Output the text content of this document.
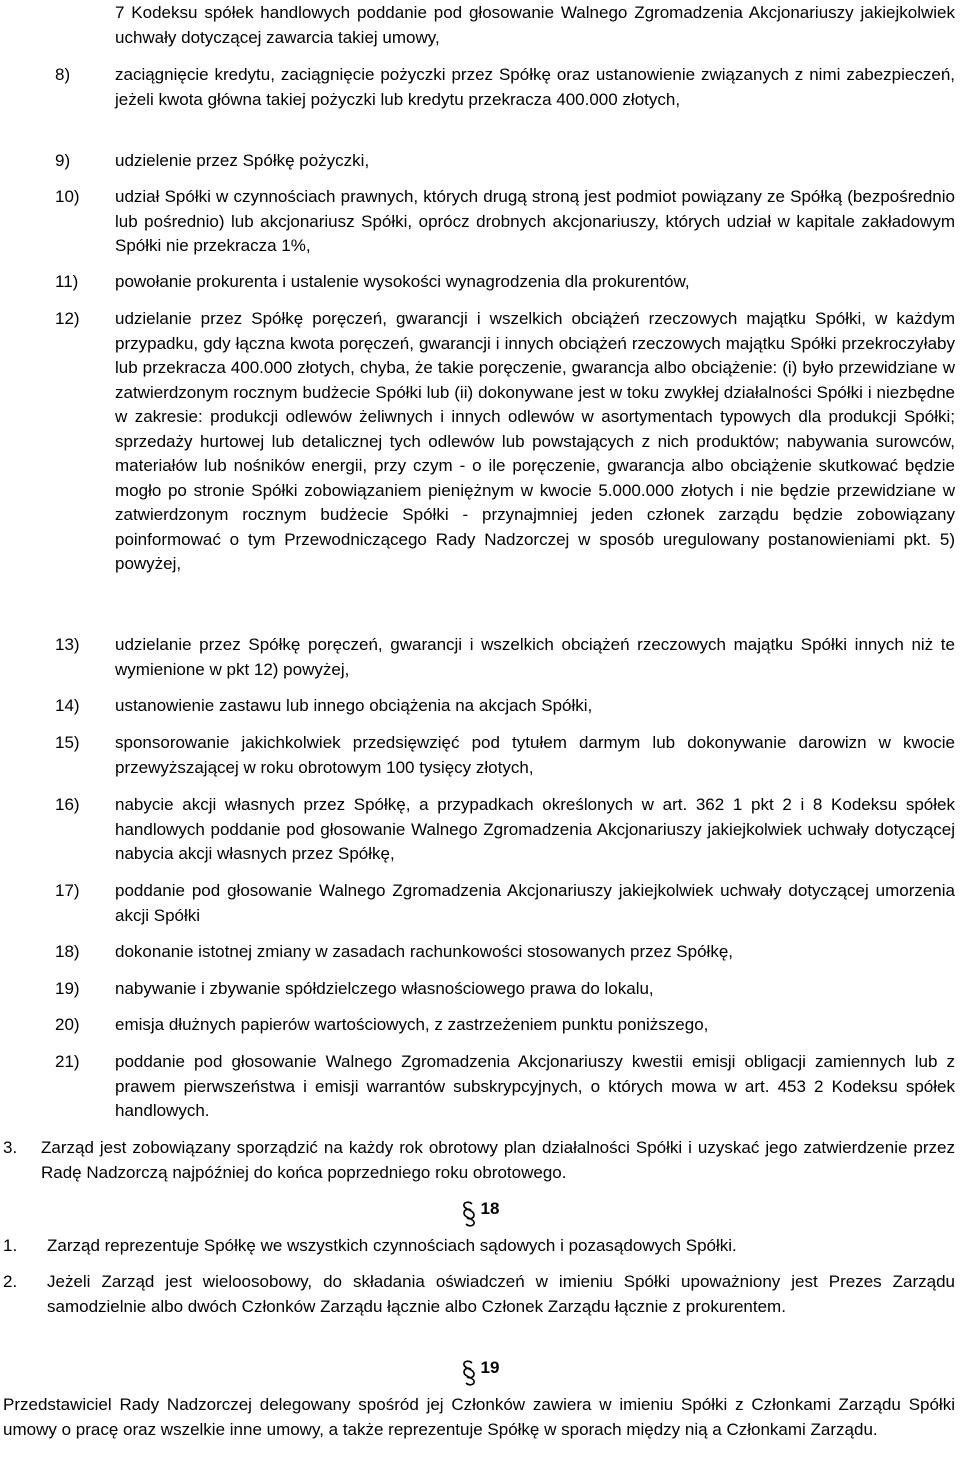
7 Kodeksu spółek handlowych poddanie pod głosowanie Walnego Zgromadzenia Akcjonariuszy jakiejkolwiek uchwały dotyczącej zawarcia takiej umowy,

8)	zaciągnięcie kredytu, zaciągnięcie pożyczki przez Spółkę oraz ustanowienie związanych z nimi zabezpieczeń, jeżeli kwota główna takiej pożyczki lub kredytu przekracza 400.000 złotych,

9)	udzielenie przez Spółkę pożyczki,

10) udział Spółki w czynnościach prawnych, których drugą stroną jest podmiot powiązany ze Spółką (bezpośrednio lub pośrednio) lub akcjonariusz Spółki, oprócz drobnych akcjonariuszy, których udział w kapitale zakładowym Spółki nie przekracza 1%,

11) powołanie prokurenta i ustalenie wysokości wynagrodzenia dla prokurentów,

12) udzielanie przez Spółkę poręczeń, gwarancji i wszelkich obciążeń rzeczowych majątku Spółki, w każdym przypadku, gdy łączna kwota poręczeń, gwarancji i innych obciążeń rzeczowych majątku Spółki przekroczyłaby lub przekracza 400.000 złotych, chyba, że takie poręczenie, gwarancja albo obciążenie: (i) było przewidziane w zatwierdzonym rocznym budżecie Spółki lub (ii) dokonywane jest w toku zwykłej działalności Spółki i niezbędne w zakresie: produkcji odlewów żeliwnych i innych odlewów w asortymentach typowych dla produkcji Spółki; sprzedaży hurtowej lub detalicznej tych odlewów lub powstających z nich produktów; nabywania surowców, materiałów lub nośników energii, przy czym - o ile poręczenie, gwarancja albo obciążenie skutkować będzie mogło po stronie Spółki zobowiązaniem pieniężnym w kwocie 5.000.000 złotych i nie będzie przewidziane w zatwierdzonym rocznym budżecie Spółki - przynajmniej jeden członek zarządu będzie zobowiązany poinformować o tym Przewodniczącego Rady Nadzorczej w sposób uregulowany postanowieniami pkt. 5) powyżej,

13) udzielanie przez Spółkę poręczeń, gwarancji i wszelkich obciążeń rzeczowych majątku Spółki innych niż te wymienione w pkt 12) powyżej,

14) ustanowienie zastawu lub innego obciążenia na akcjach Spółki,

15) sponsorowanie jakichkolwiek przedsięwzięć pod tytułem darmym lub dokonywanie darowizn w kwocie przewyższającej w roku obrotowym 100 tysięcy złotych,

16) nabycie akcji własnych przez Spółkę, a przypadkach określonych w art. 362 1 pkt 2 i 8 Kodeksu spółek handlowych poddanie pod głosowanie Walnego Zgromadzenia Akcjonariuszy jakiejkolwiek uchwały dotyczącej nabycia akcji własnych przez Spółkę,

17) poddanie pod głosowanie Walnego Zgromadzenia Akcjonariuszy jakiejkolwiek uchwały dotyczącej umorzenia akcji Spółki

18) dokonanie istotnej zmiany w zasadach rachunkowości stosowanych przez Spółkę,

19) nabywanie i zbywanie spółdzielczego własnościowego prawa do lokalu,

20) emisja dłużnych papierów wartościowych, z zastrzeżeniem punktu poniższego,

21) poddanie pod głosowanie Walnego Zgromadzenia Akcjonariuszy kwestii emisji obligacji zamiennych lub z prawem pierwszeństwa i emisji warrantów subskrypcyjnych, o których mowa w art. 453 2 Kodeksu spółek handlowych.

3. Zarząd jest zobowiązany sporządzić na każdy rok obrotowy plan działalności Spółki i uzyskać jego zatwierdzenie przez Radę Nadzorczą najpóźniej do końca poprzedniego roku obrotowego.

18
1. Zarząd reprezentuje Spółkę we wszystkich czynnościach sądowych i pozasądowych Spółki.

2. Jeżeli Zarząd jest wieloosobowy, do składania oświadczeń w imieniu Spółki upoważniony jest Prezes Zarządu samodzielnie albo dwóch Członków Zarządu łącznie albo Członek Zarządu łącznie z prokurentem.

19

Przedstawiciel Rady Nadzorczej delegowany spośród jej Członków zawiera w imieniu Spółki z Członkami Zarządu Spółki umowy o pracę oraz wszelkie inne umowy, a także reprezentuje Spółkę w sporach między nią a Członkami Zarządu.
